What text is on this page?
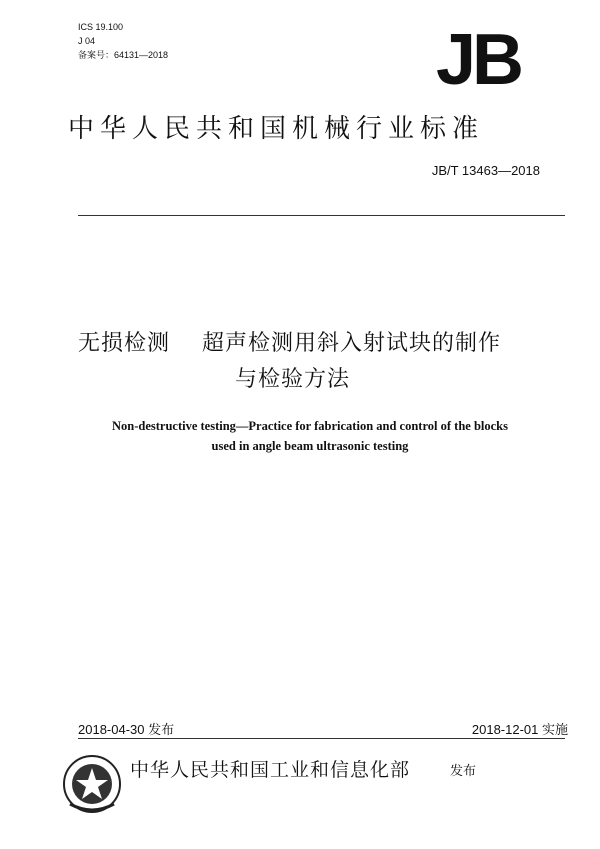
ICS 19.100
J 04
备案号：64131—2018	JB
中华人民共和国机械行业标准
JB/T 13463—2018
无损检测    超声检测用斜入射试块的制作
与检验方法
Non-destructive testing—Practice for fabrication and control of the blocks
used in angle beam ultrasonic testing
2018-04-30 发布	2018-12-01 实施
中华人民共和国工业和信息化部	发布
